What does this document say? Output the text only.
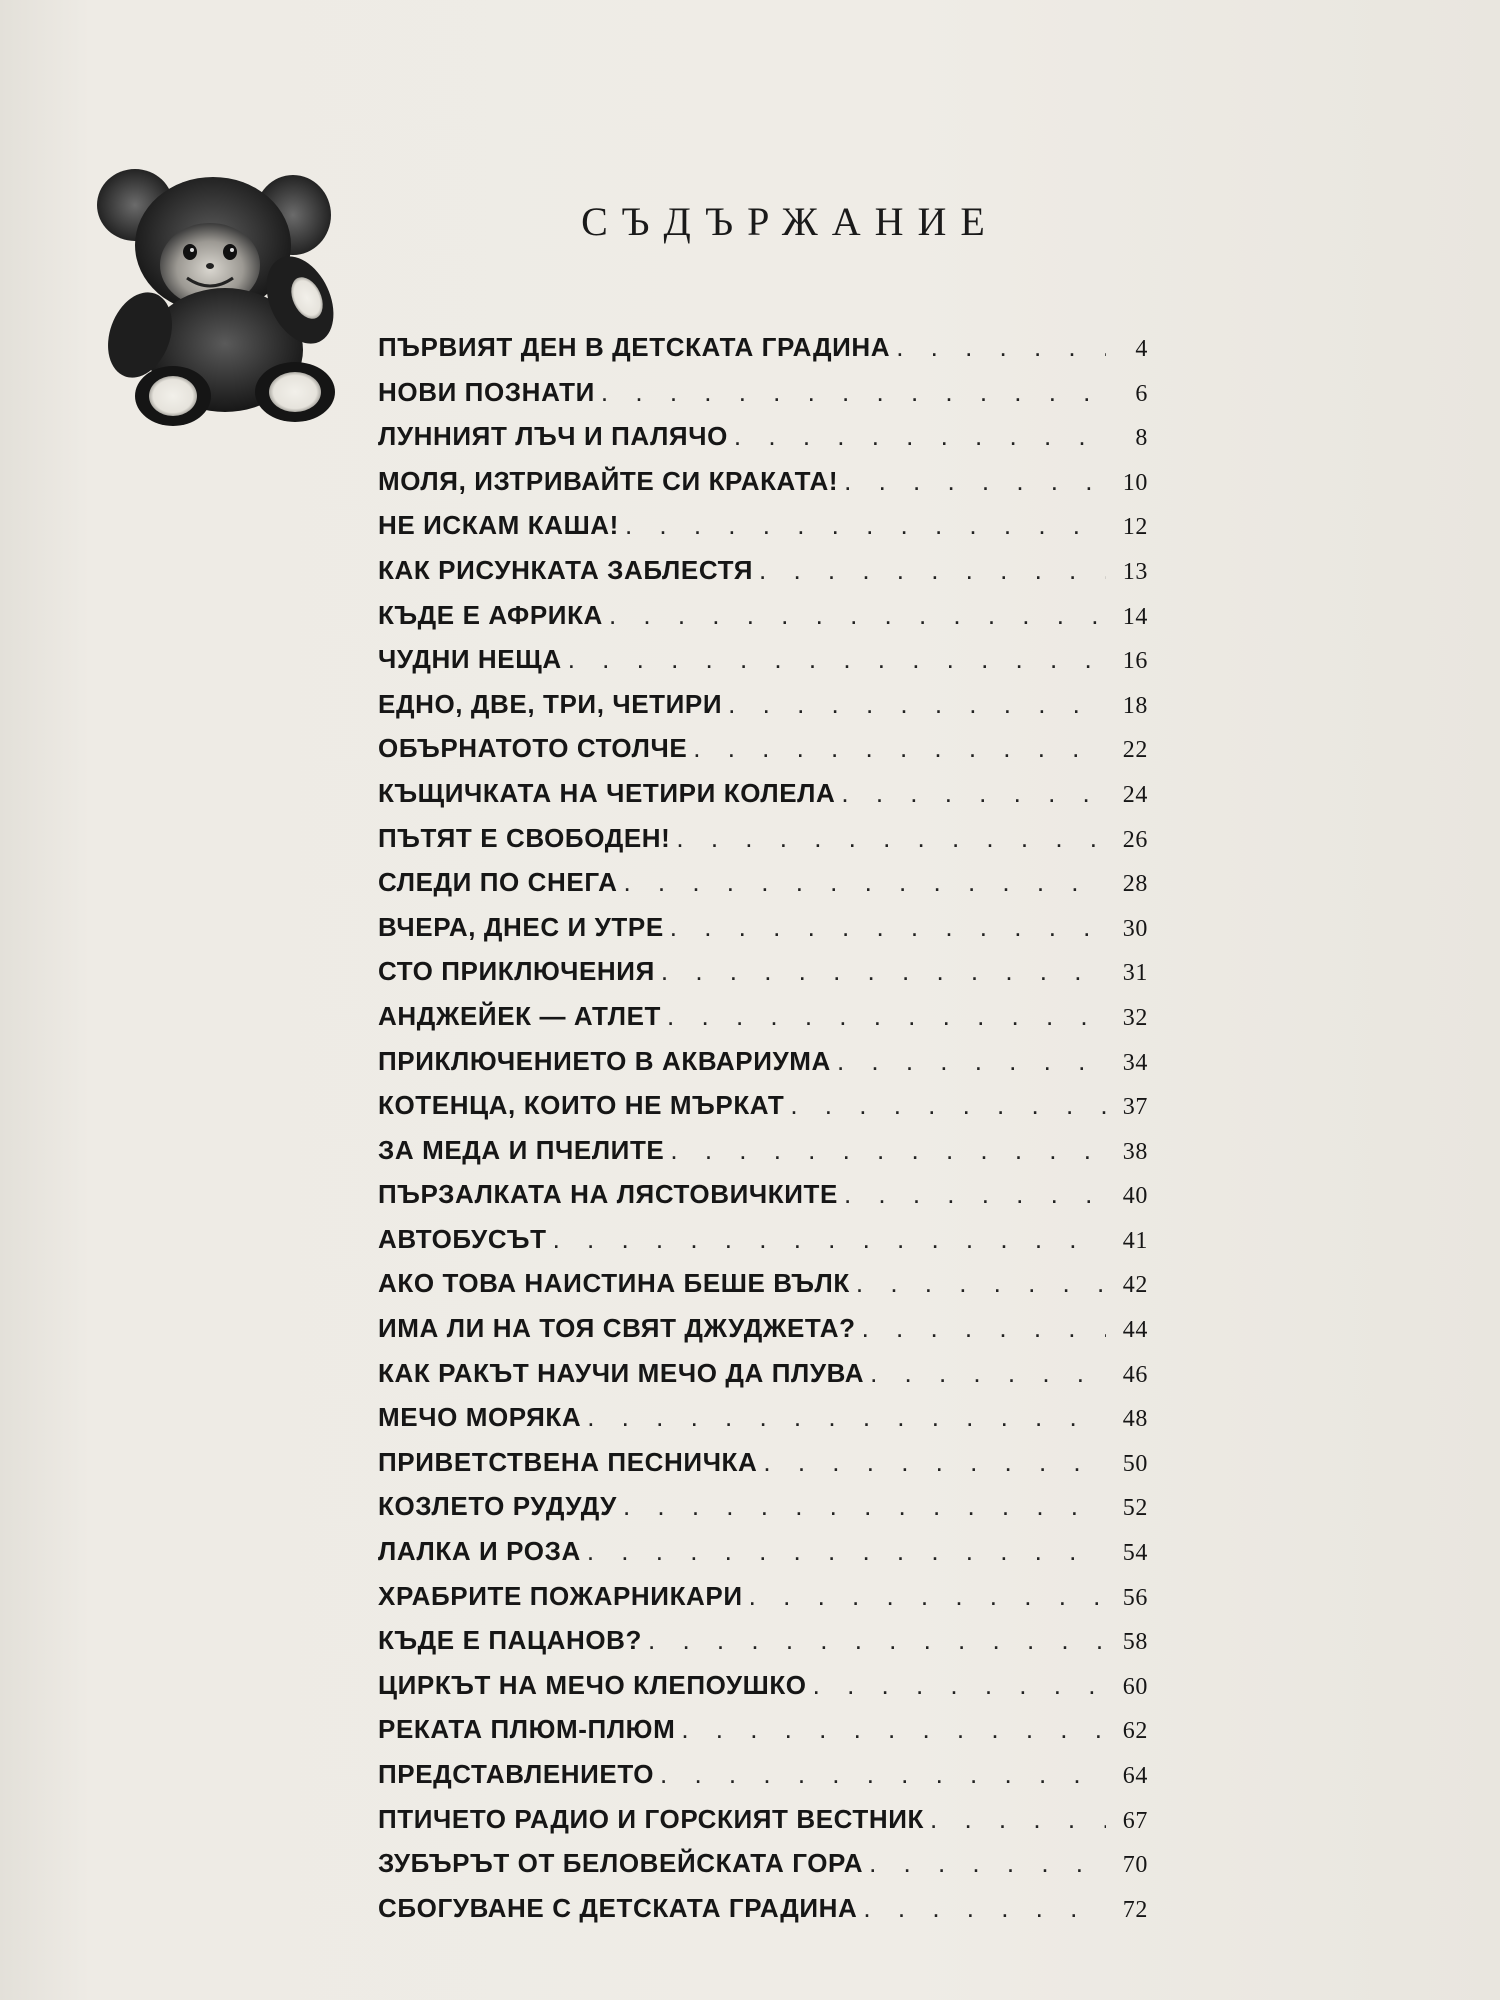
СЪДЪРЖАНИЕ
ПЪРВИЯТ ДЕН В ДЕТСКАТА ГРАДИНА . . .	4
НОВИ ПОЗНАТИ . . .	6
ЛУННИЯТ ЛЪЧ И ПАЛЯЧО . . .	8
МОЛЯ, ИЗТРИВАЙТЕ СИ КРАКАТА! . . .	10
НЕ ИСКАМ КАША! . . .	12
КАК РИСУНКАТА ЗАБЛЕСТЯ . . .	13
КЪДЕ Е АФРИКА . . .	14
ЧУДНИ НЕЩА . . .	16
ЕДНО, ДВЕ, ТРИ, ЧЕТИРИ . . .	18
ОБЪРНАТОТО СТОЛЧЕ . . .	22
КЪЩИЧКАТА НА ЧЕТИРИ КОЛЕЛА . . .	24
ПЪТЯТ Е СВОБОДЕН! . . .	26
СЛЕДИ ПО СНЕГА . . .	28
ВЧЕРА, ДНЕС И УТРЕ . . .	30
СТО ПРИКЛЮЧЕНИЯ . . .	31
АНДЖЕЙЕК — АТЛЕТ . . .	32
ПРИКЛЮЧЕНИЕТО В АКВАРИУМА . . .	34
КОТЕНЦА, КОИТО НЕ МЪРКАТ . . .	37
ЗА МЕДА И ПЧЕЛИТЕ . . .	38
ПЪРЗАЛКАТА НА ЛЯСТОВИЧКИТЕ . . .	40
АВТОБУСЪТ . . .	41
АКО ТОВА НАИСТИНА БЕШЕ ВЪЛК . . .	42
ИМА ЛИ НА ТОЯ СВЯТ ДЖУДЖЕТА? . . .	44
КАК РАКЪТ НАУЧИ МЕЧО ДА ПЛУВА . . .	46
МЕЧО МОРЯКА . . .	48
ПРИВЕТСТВЕНА ПЕСНИЧКА . . .	50
КОЗЛЕТО РУДУДУ . . .	52
ЛАЛКА И РОЗА . . .	54
ХРАБРИТЕ ПОЖАРНИКАРИ . . .	56
КЪДЕ Е ПАЦАНОВ? . . .	58
ЦИРКЪТ НА МЕЧО КЛЕПОУШКО . . .	60
РЕКАТА ПЛЮМ-ПЛЮМ . . .	62
ПРЕДСТАВЛЕНИЕТО . . .	64
ПТИЧЕТО РАДИО И ГОРСКИЯТ ВЕСТНИК . . .	67
ЗУБЪРЪТ ОТ БЕЛОВЕЙСКАТА ГОРА . . .	70
СБОГУВАНЕ С ДЕТСКАТА ГРАДИНА . . .	72
